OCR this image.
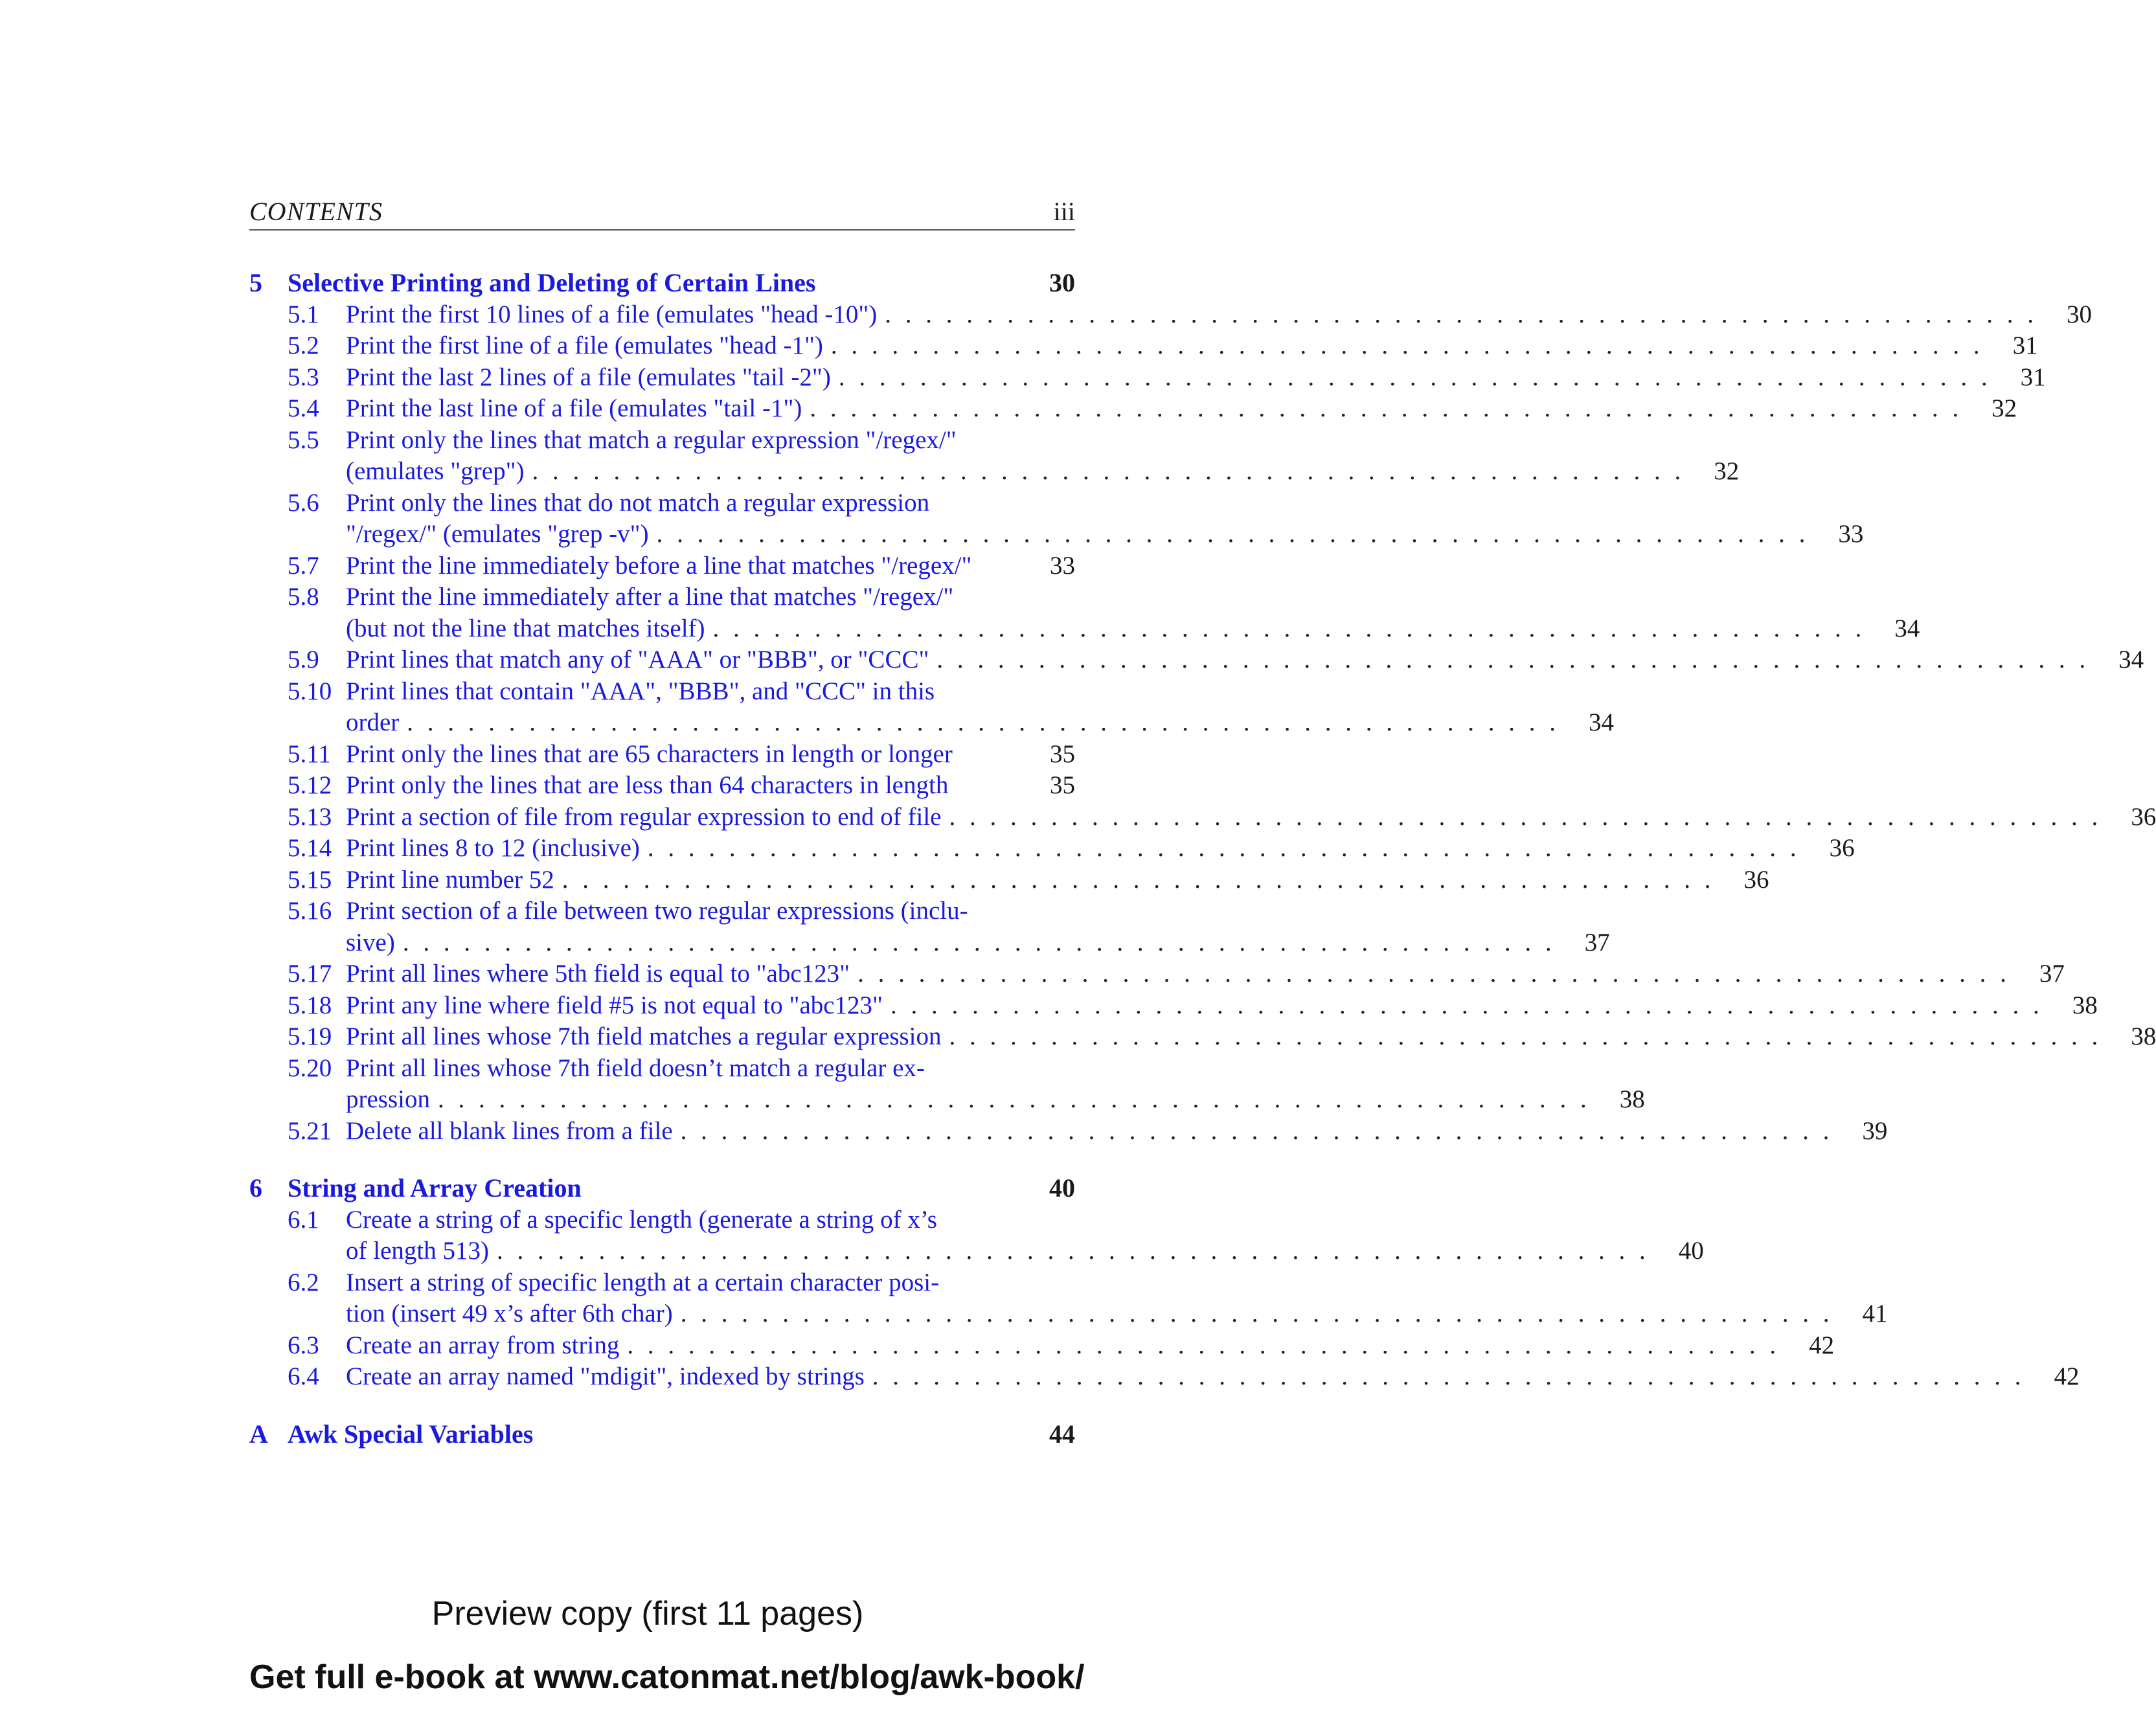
CONTENTS	iii
5 Selective Printing and Deleting of Certain Lines	30
5.1	Print the first 10 lines of a file (emulates "head -10") . . .	30
5.2	Print the first line of a file (emulates "head -1") . . .	31
5.3	Print the last 2 lines of a file (emulates "tail -2") . . .	31
5.4	Print the last line of a file (emulates "tail -1") . . .	32
5.5	Print only the lines that match a regular expression "/regex/"
(emulates "grep") . . .	32
5.6	Print only the lines that do not match a regular expression
"/regex/" (emulates "grep -v") . . .	33
5.7	Print the line immediately before a line that matches "/regex/"	33
5.8	Print the line immediately after a line that matches "/regex/"
(but not the line that matches itself) . . .	34
5.9	Print lines that match any of "AAA" or "BBB", or "CCC" . . .	34
5.10 Print lines that contain "AAA", "BBB", and "CCC" in this
order . . .	34
5.11 Print only the lines that are 65 characters in length or longer	35
5.12 Print only the lines that are less than 64 characters in length	35
5.13 Print a section of file from regular expression to end of file . . .	36
5.14 Print lines 8 to 12 (inclusive) . . .	36
5.15 Print line number 52 . . .	36
5.16 Print section of a file between two regular expressions (inclu-
sive) . . .	37
5.17 Print all lines where 5th field is equal to "abc123" . . .	37
5.18 Print any line where field #5 is not equal to "abc123" . . .	38
5.19 Print all lines whose 7th field matches a regular expression . . .	38
5.20 Print all lines whose 7th field doesn’t match a regular ex-
pression . . .	38
5.21 Delete all blank lines from a file . . .	39
6 String and Array Creation	40
6.1	Create a string of a specific length (generate a string of x’s
of length 513) . . .	40
6.2	Insert a string of specific length at a certain character posi-
tion (insert 49 x’s after 6th char) . . .	41
6.3	Create an array from string . . .	42
6.4	Create an array named "mdigit", indexed by strings . . .	42
A Awk Special Variables	44
Preview copy (first 11 pages)
Get full e-book at www.catonmat.net/blog/awk-book/
